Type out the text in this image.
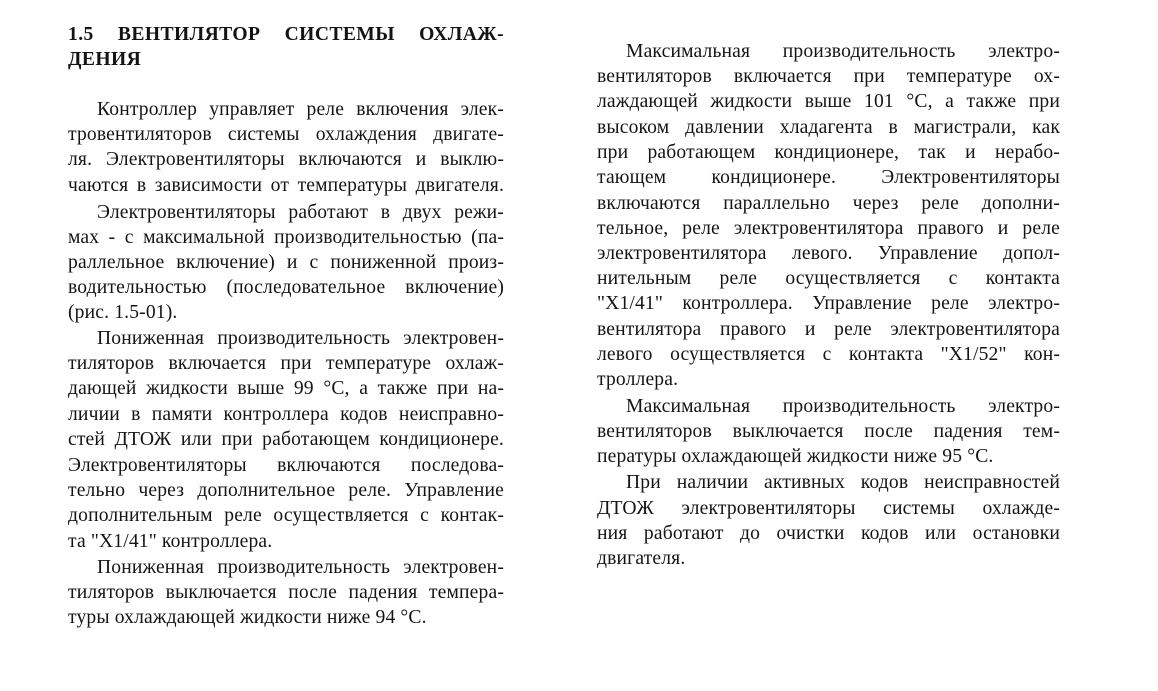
1.5 ВЕНТИЛЯТОР СИСТЕМЫ ОХЛАЖ-
ДЕНИЯ
Контроллер управляет реле включения элек-
тровентиляторов системы охлаждения двигате-
ля. Электровентиляторы включаются и выклю-
чаются в зависимости от температуры двигателя.
Электровентиляторы работают в двух режи-
мах - с максимальной производительностью (па-
раллельное включение) и с пониженной произ-
водительностью (последовательное включение)
(рис. 1.5-01).
Пониженная производительность электровен-
тиляторов включается при температуре охлаж-
дающей жидкости выше 99 °С, а также при на-
личии в памяти контроллера кодов неисправно-
стей ДТОЖ или при работающем кондиционере.
Электровентиляторы включаются последова-
тельно через дополнительное реле. Управление
дополнительным реле осуществляется с контак-
та "X1/41" контроллера.
Пониженная производительность электровен-
тиляторов выключается после падения темпера-
туры охлаждающей жидкости ниже 94 °С.
Максимальная производительность электро-
вентиляторов включается при температуре ох-
лаждающей жидкости выше 101 °С, а также при
высоком давлении хладагента в магистрали, как
при работающем кондиционере, так и нерабо-
тающем кондиционере. Электровентиляторы
включаются параллельно через реле дополни-
тельное, реле электровентилятора правого и реле
электровентилятора левого. Управление допол-
нительным реле осуществляется с контакта
"X1/41" контроллера. Управление реле электро-
вентилятора правого и реле электровентилятора
левого осуществляется с контакта "X1/52" кон-
троллера.
Максимальная производительность электро-
вентиляторов выключается после падения тем-
пературы охлаждающей жидкости ниже 95 °С.
При наличии активных кодов неисправностей
ДТОЖ электровентиляторы системы охлажде-
ния работают до очистки кодов или остановки
двигателя.
